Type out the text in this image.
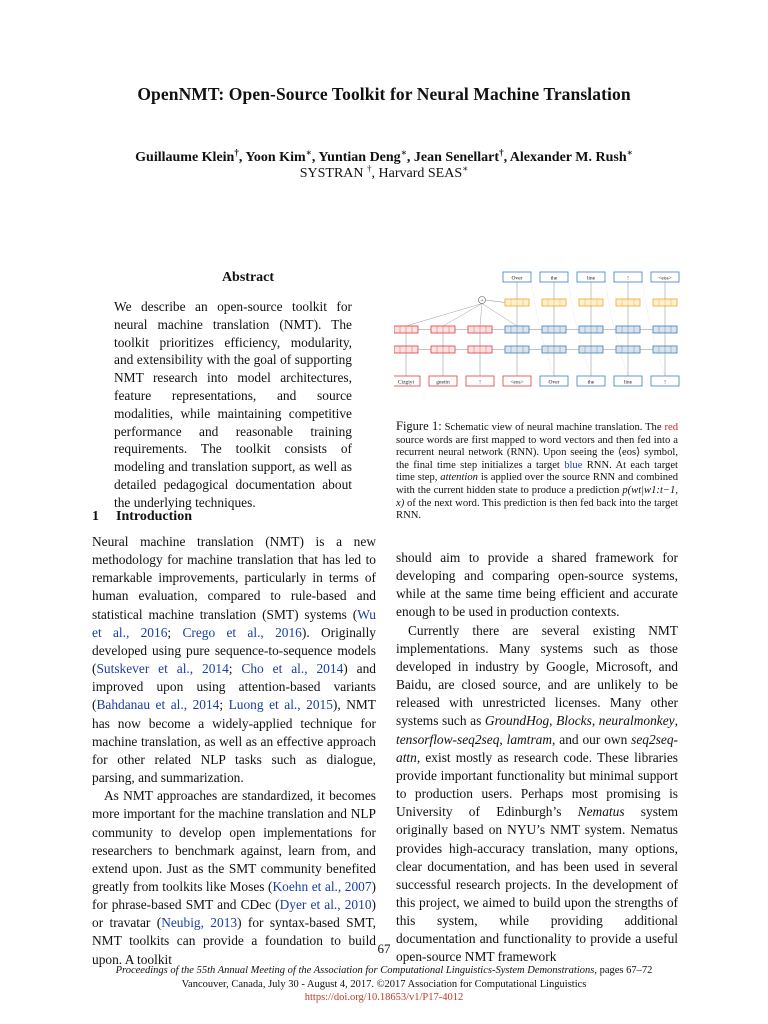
OpenNMT: Open-Source Toolkit for Neural Machine Translation
Guillaume Klein†, Yoon Kim∗, Yuntian Deng∗, Jean Senellart†, Alexander M. Rush∗
SYSTRAN †, Harvard SEAS∗
Abstract
We describe an open-source toolkit for neural machine translation (NMT). The toolkit prioritizes efficiency, modularity, and extensibility with the goal of supporting NMT research into model architectures, feature representations, and source modalities, while maintaining competitive performance and reasonable training requirements. The toolkit consists of modeling and translation support, as well as detailed pedagogical documentation about the underlying techniques.
1 Introduction

Neural machine translation (NMT) is a new methodology for machine translation that has led to remarkable improvements, particularly in terms of human evaluation, compared to rule-based and statistical machine translation (SMT) systems (Wu et al., 2016; Crego et al., 2016). Originally developed using pure sequence-to-sequence models (Sutskever et al., 2014; Cho et al., 2014) and improved upon using attention-based variants (Bahdanau et al., 2014; Luong et al., 2015), NMT has now become a widely-applied technique for machine translation, as well as an effective approach for other related NLP tasks such as dialogue, parsing, and summarization.

As NMT approaches are standardized, it becomes more important for the machine translation and NLP community to develop open implementations for researchers to benchmark against, learn from, and extend upon. Just as the SMT community benefited greatly from toolkits like Moses (Koehn et al., 2007) for phrase-based SMT and CDec (Dyer et al., 2010) or travatar (Neubig, 2013) for syntax-based SMT, NMT toolkits can provide a foundation to build upon. A toolkit

Cizgiyi	geetin	!	<eos>	Over	the	line	!
Over	the	line	!	<eos>
+
Figure 1: Schematic view of neural machine translation. The red source words are first mapped to word vectors and then fed into a recurrent neural network (RNN). Upon seeing the ⟨eos⟩ symbol, the final time step initializes a target blue RNN. At each target time step, attention is applied over the source RNN and combined with the current hidden state to produce a prediction p(wt|w1:t−1, x) of the next word. This prediction is then fed back into the target RNN.

should aim to provide a shared framework for developing and comparing open-source systems, while at the same time being efficient and accurate enough to be used in production contexts.

Currently there are several existing NMT implementations. Many systems such as those developed in industry by Google, Microsoft, and Baidu, are closed source, and are unlikely to be released with unrestricted licenses. Many other systems such as GroundHog, Blocks, neuralmonkey, tensorflow-seq2seq, lamtram, and our own seq2seq-attn, exist mostly as research code. These libraries provide important functionality but minimal support to production users. Perhaps most promising is University of Edinburgh’s Nematus system originally based on NYU’s NMT system. Nematus provides high-accuracy translation, many options, clear documentation, and has been used in several successful research projects. In the development of this project, we aimed to build upon the strengths of this system, while providing additional documentation and functionality to provide a useful open-source NMT framework

67
Proceedings of the 55th Annual Meeting of the Association for Computational Linguistics-System Demonstrations, pages 67–72
Vancouver, Canada, July 30 - August 4, 2017. ©2017 Association for Computational Linguistics
https://doi.org/10.18653/v1/P17-4012
